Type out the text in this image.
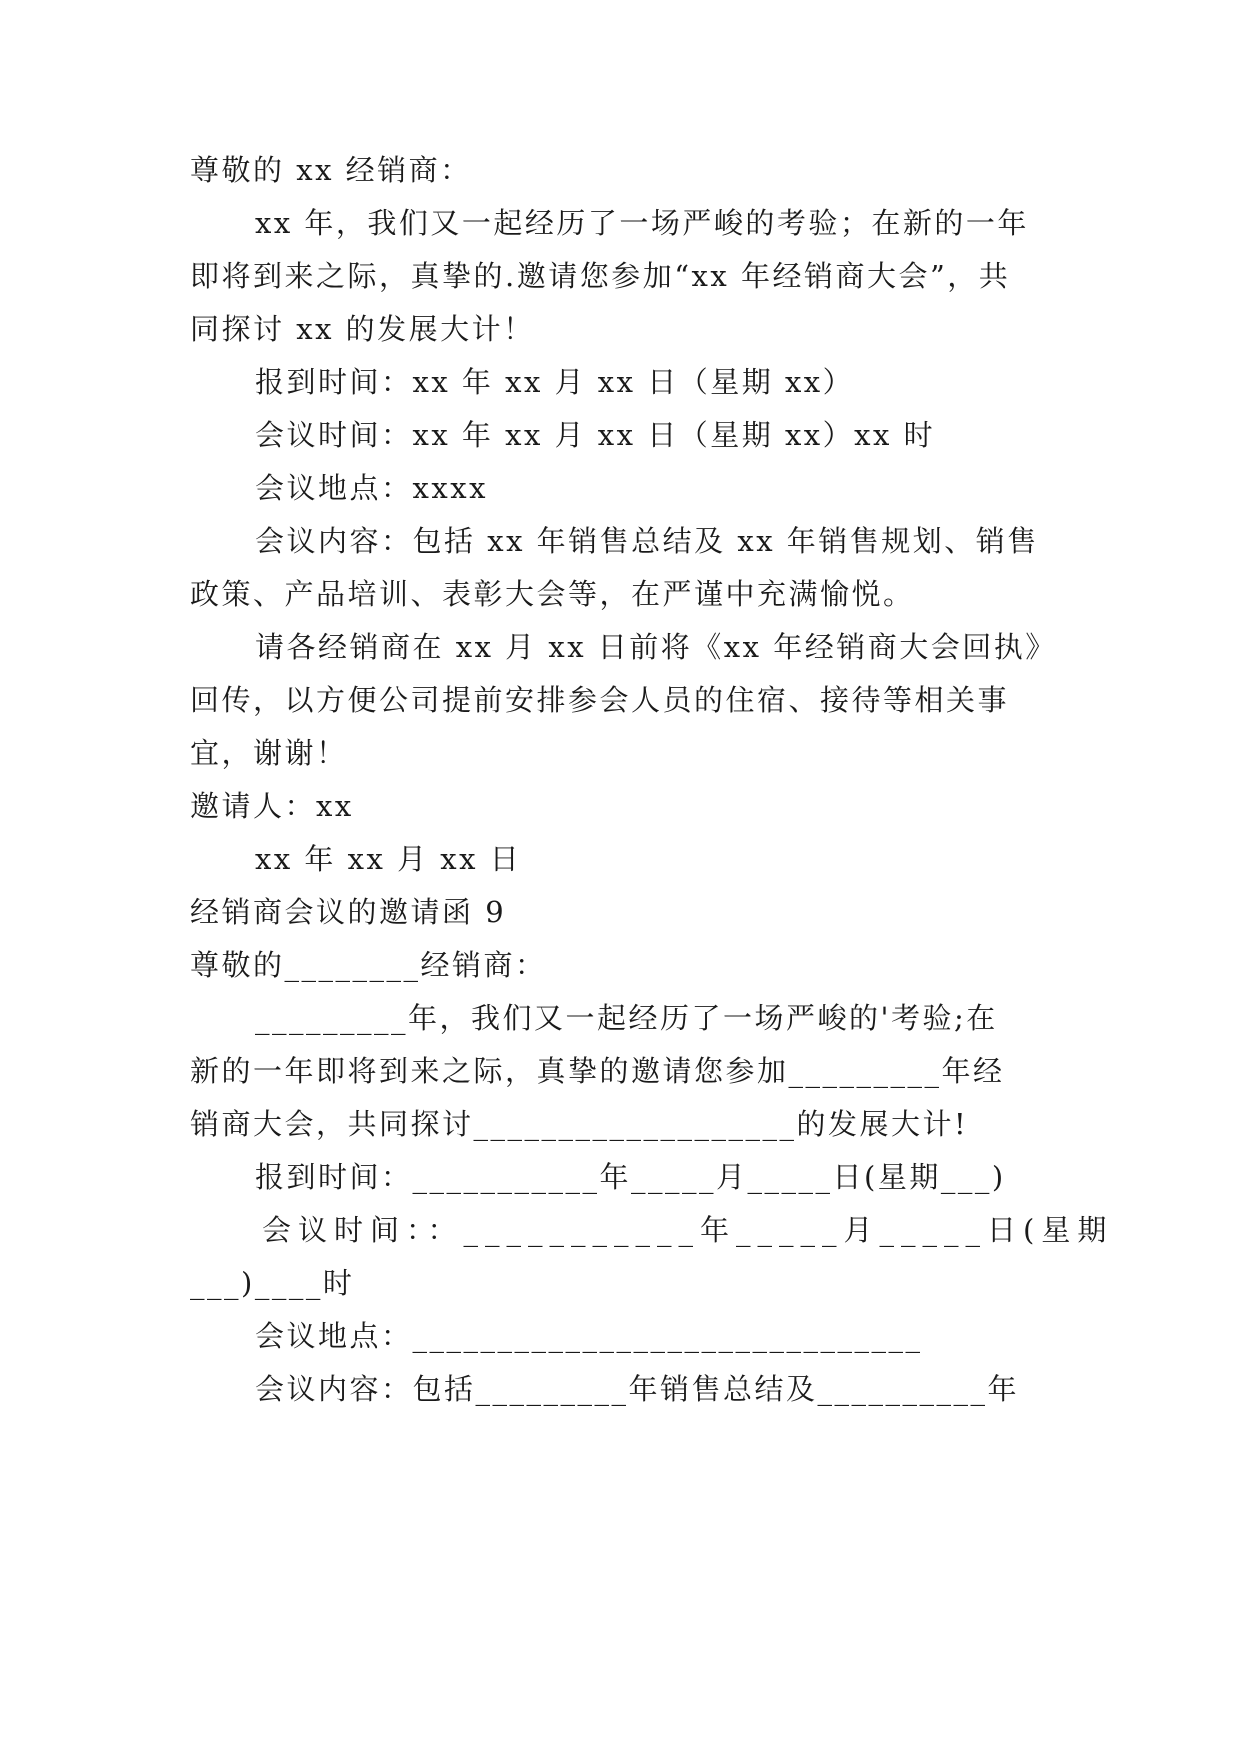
尊敬的 xx 经销商：
xx 年，我们又一起经历了一场严峻的考验；在新的一年
即将到来之际，真挚的.邀请您参加“xx 年经销商大会”，共
同探讨 xx 的发展大计！
报到时间：xx 年 xx 月 xx 日（星期 xx）
会议时间：xx 年 xx 月 xx 日（星期 xx）xx 时
会议地点：xxxx
会议内容：包括 xx 年销售总结及 xx 年销售规划、销售
政策、产品培训、表彰大会等，在严谨中充满愉悦。
请各经销商在 xx 月 xx 日前将《xx 年经销商大会回执》
回传，以方便公司提前安排参会人员的住宿、接待等相关事
宜，谢谢！
邀请人：xx
xx 年 xx 月 xx 日
经销商会议的邀请函 9
尊敬的________经销商：
_________年，我们又一起经历了一场严峻的'考验;在
新的一年即将到来之际，真挚的邀请您参加_________年经
销商大会，共同探讨___________________的发展大计!
报到时间：___________年_____月_____日(星期___)
会议时间：：___________年_____月_____日(星期
___)____时
会议地点：______________________________
会议内容：包括_________年销售总结及__________年
